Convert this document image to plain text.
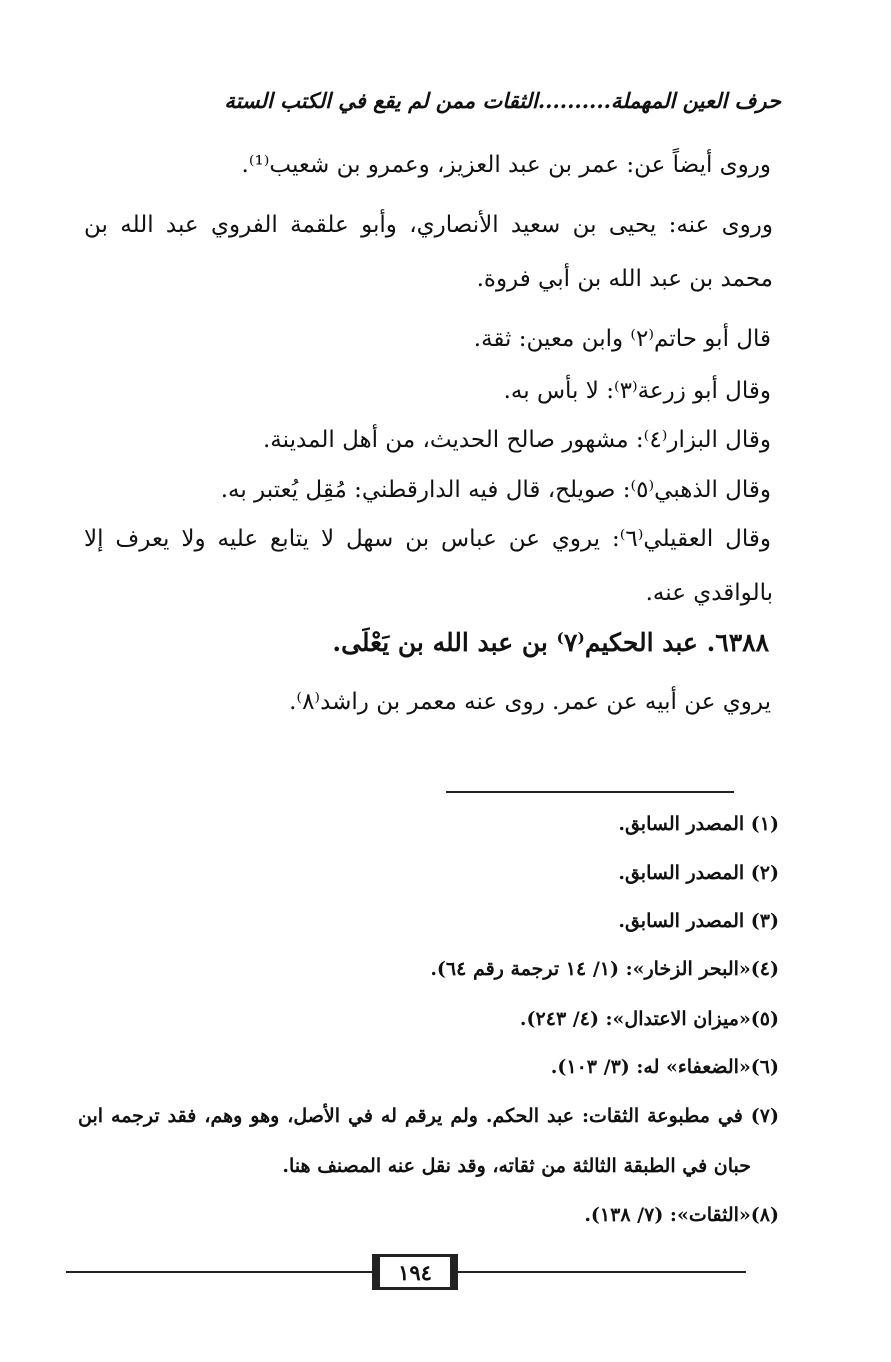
حرف العين المهملة..........الثقات ممن لم يقع في الكتب الستة
وروى أيضاً عن: عمر بن عبد العزيز، وعمرو بن شعيب⁽¹⁾.
وروى عنه: يحيى بن سعيد الأنصاري، وأبو علقمة الفروي عبد الله بن
محمد بن عبد الله بن أبي فروة.
قال أبو حاتم⁽٢⁾ وابن معين: ثقة.
وقال أبو زرعة⁽٣⁾: لا بأس به.
وقال البزار⁽٤⁾: مشهور صالح الحديث، من أهل المدينة.
وقال الذهبي⁽٥⁾: صويلح، قال فيه الدارقطني: مُقِل يُعتبر به.
وقال العقيلي⁽٦⁾: يروي عن عباس بن سهل لا يتابع عليه ولا يعرف إلا
بالواقدي عنه.
٦٣٨٨. عبد الحكيم⁽٧⁾ بن عبد الله بن يَعْلَى.
يروي عن أبيه عن عمر. روى عنه معمر بن راشد⁽٨⁾.
(١) المصدر السابق.
(٢) المصدر السابق.
(٣) المصدر السابق.
(٤)«البحر الزخار»: (١/ ١٤ ترجمة رقم ٦٤).
(٥)«ميزان الاعتدال»: (٤/ ٢٤٣).
(٦)«الضعفاء» له: (٣/ ١٠٣).
(٧) في مطبوعة الثقات: عبد الحكم. ولم يرقم له في الأصل، وهو وهم، فقد ترجمه ابن
حبان في الطبقة الثالثة من ثقاته، وقد نقل عنه المصنف هنا.
(٨)«الثقات»: (٧/ ١٣٨).
١٩٤
